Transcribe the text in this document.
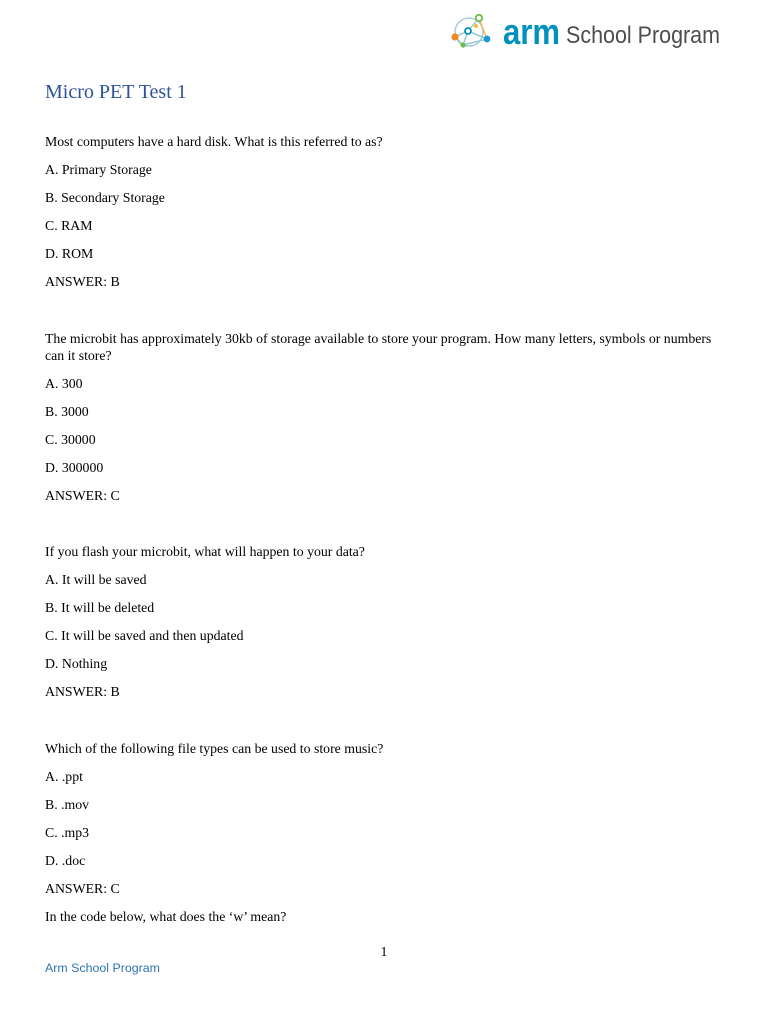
arm School Program
Micro PET Test 1

Most computers have a hard disk. What is this referred to as?

A. Primary Storage

B. Secondary Storage

C. RAM

D. ROM

ANSWER: B

The microbit has approximately 30kb of storage available to store your program. How many letters, symbols or numbers can it store?

A. 300

B. 3000

C. 30000

D. 300000

ANSWER: C

If you flash your microbit, what will happen to your data?

A. It will be saved

B. It will be deleted

C. It will be saved and then updated

D. Nothing

ANSWER: B

Which of the following file types can be used to store music?

A. .ppt

B. .mov

C. .mp3

D. .doc

ANSWER: C

In the code below, what does the ‘w’ mean?

1
Arm School Program
